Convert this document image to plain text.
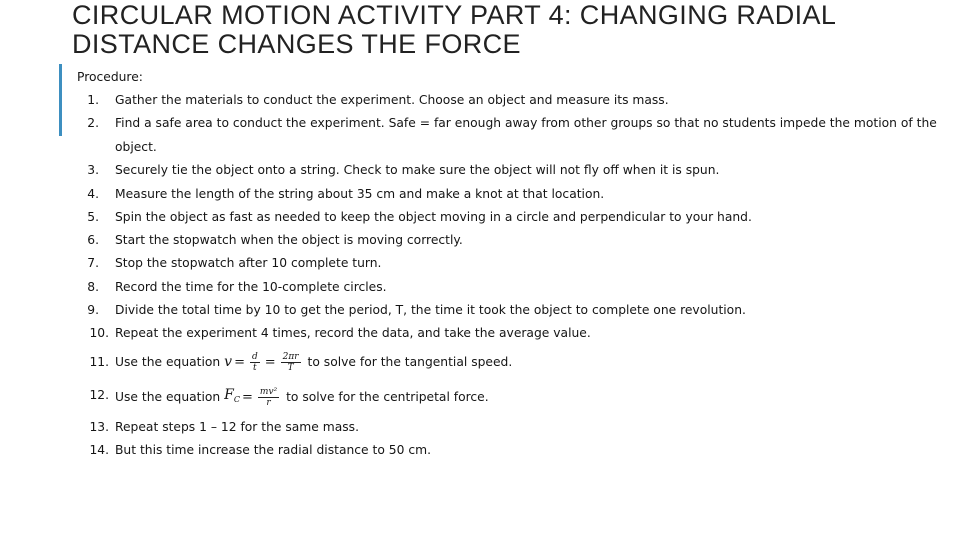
CIRCULAR MOTION ACTIVITY PART 4: CHANGING RADIAL DISTANCE CHANGES THE FORCE
Procedure:
1. Gather the materials to conduct the experiment. Choose an object and measure its mass.
2. Find a safe area to conduct the experiment. Safe = far enough away from other groups so that no students impede the motion of the object.
3. Securely tie the object onto a string. Check to make sure the object will not fly off when it is spun.
4. Measure the length of the string about 35 cm and make a knot at that location.
5. Spin the object as fast as needed to keep the object moving in a circle and perpendicular to your hand.
6. Start the stopwatch when the object is moving correctly.
7. Stop the stopwatch after 10 complete turn.
8. Record the time for the 10-complete circles.
9. Divide the total time by 10 to get the period, T, the time it took the object to complete one revolution.
10. Repeat the experiment 4 times, record the data, and take the average value.
11. Use the equation $v = \frac{d}{t} = \frac{2\pi r}{T}$ to solve for the tangential speed.
12. Use the equation $F_C = \frac{\text{mv²}}{r}$ to solve for the centripetal force.
13. Repeat steps 1 – 12 for the same mass.
14. But this time increase the radial distance to 50 cm.
